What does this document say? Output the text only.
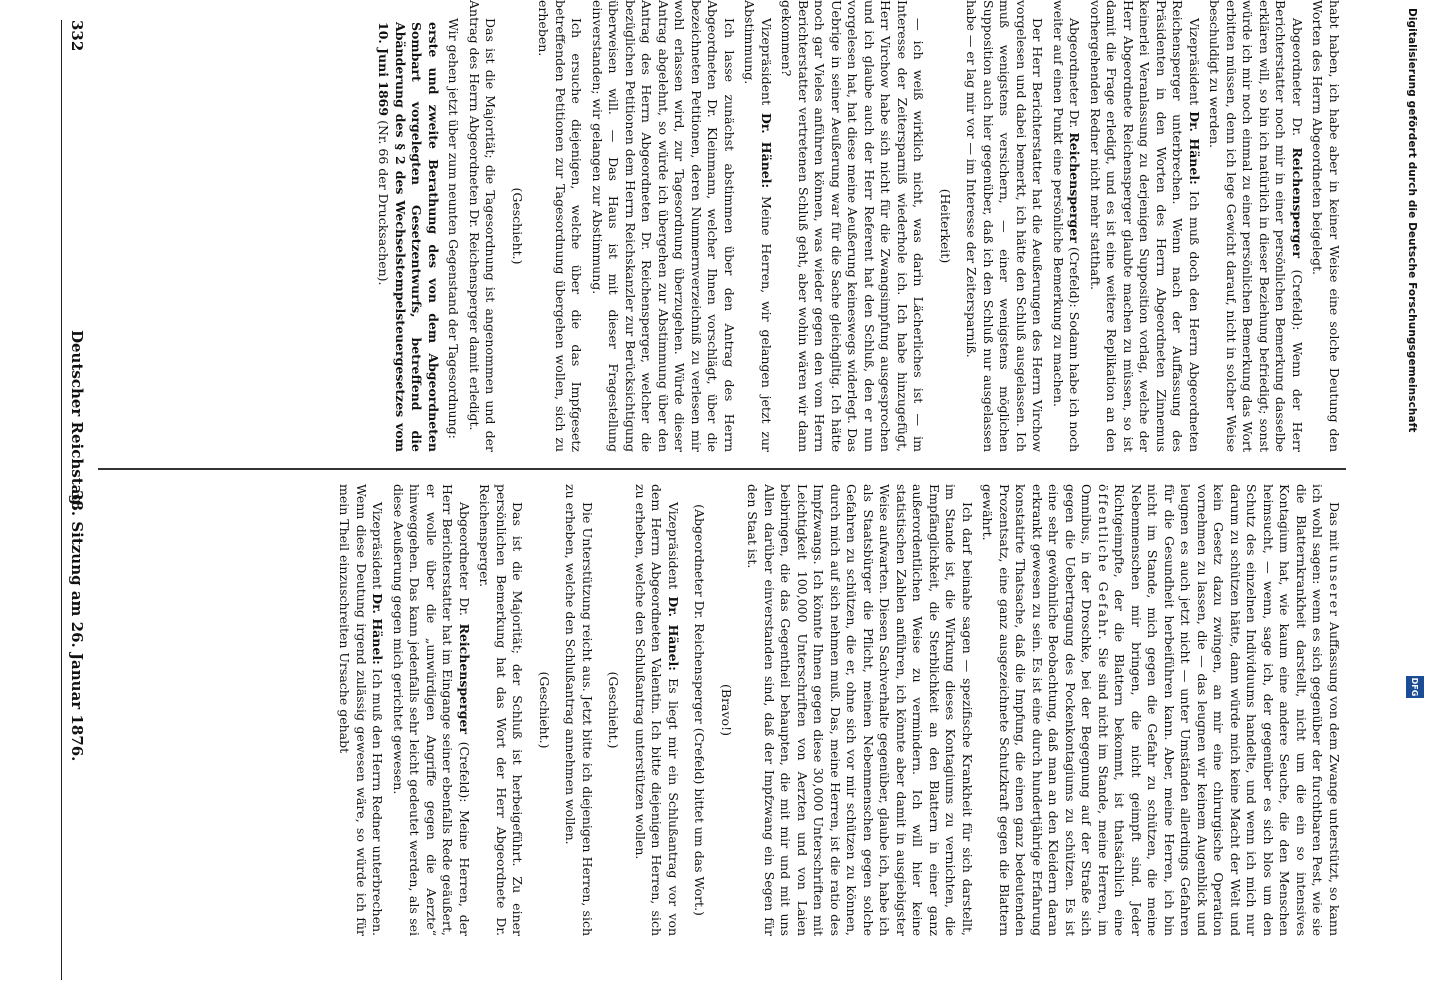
Digitalisierung gefördert durch die Deutsche Forschungsgemeinschaft
DFG

habt haben, ich habe aber in keiner Weise eine solche Deutung den Worten des Herrn Abgeordneten beigelegt.

Abgeordneter Dr. Reichensperger (Crefeld): Wenn der Herr Berichterstatter noch mir in einer persönlichen Bemerkung dasselbe erklären will, so bin ich natürlich in dieser Beziehung befriedigt; sonst würde ich mir noch einmal zu einer persönlichen Bemerkung das Wort erbitten müssen, denn ich lege Gewicht darauf, nicht in solcher Weise beschuldigt zu werden.

Vizepräsident Dr. Hänel: Ich muß doch den Herrn Abgeordneten Reichensperger unterbrechen. Wenn nach der Auffassung des Präsidenten in den Worten des Herrn Abgeordneten Zinnemus keinerlei Veranlassung zu derjenigen Supposition vorlag, welche der Herr Abgeordnete Reichensperger glaubte machen zu müssen, so ist damit die Frage erledigt, und es ist eine weitere Replikation an den vorhergehenden Redner nicht mehr statthaft.

Abgeordneter Dr. Reichensperger (Crefeld): Sodann habe ich noch weiter auf einen Punkt eine persönliche Bemerkung zu machen.

Der Herr Berichterstatter hat die Aeußerungen des Herrn Virchow vorgelesen und dabei bemerkt, ich hätte den Schluß ausgelassen. Ich muß wenigstens versichern, — einer wenigstens möglichen Supposition auch hier gegenüber, daß ich den Schluß nur ausgelassen habe — er lag mir vor — im Interesse der Zeitersparniß.

(Heiterkeit)

— ich weiß wirklich nicht, was darin Lächerliches ist — im Interesse der Zeitersparniß wiederhole ich. Ich habe hinzugefügt, Herr Virchow habe sich nicht für die Zwangsimpfung ausgesprochen und ich glaube auch der Herr Referent hat den Schluß, den er nun vorgelesen hat, hat diese meine Aeußerung keineswegs widerlegt. Das Uebrige in seiner Aeußerung war für die Sache gleichgiltig. Ich hätte noch gar Vieles anführen können, was wieder gegen den vom Herrn Berichterstatter vertretenen Schluß geht, aber wohin wären wir dann gekommen?

Vizepräsident Dr. Hänel: Meine Herren, wir gelangen jetzt zur Abstimmung.

Ich lasse zunächst abstimmen über den Antrag des Herrn Abgeordneten Dr. Kleinmann, welcher Ihnen vorschlägt, über die bezeichneten Petitionen, deren Nummernverzeichniß zu verlesen mir wohl erlassen wird, zur Tagesordnung überzugehen. Würde dieser Antrag abgelehnt, so würde ich übergehen zur Abstimmung über den Antrag des Herrn Abgeordneten Dr. Reichensperger, welcher die bezüglichen Petitionen dem Herrn Reichskanzler zur Berücksichtigung überweisen will. — Das Haus ist mit dieser Fragestellung einverstanden; wir gelangen zur Abstimmung.

Ich ersuche diejenigen, welche über die das Impfgesetz betreffenden Petitionen zur Tagesordnung übergehen wollen, sich zu erheben.

(Geschieht.)

Das ist die Majorität; die Tagesordnung ist angenommen und der Antrag des Herrn Abgeordneten Dr. Reichensperger damit erledigt.

Wir gehen jetzt über zum neunten Gegenstand der Tagesordnung:

erste und zweite Berathung des von dem Abgeordneten Sombart vorgelegten Gesetzentwurfs, betreffend die Abänderung des § 2 des Wechselstempelsteuergesetzes vom 10. Juni 1869 (Nr. 66 der Drucksachen).

Das mit unserer Auffassung von dem Zwange unterstützt, so kann ich wohl sagen: wenn es sich gegenüber der furchtbaren Pest, wie sie die Blatternkrankheit darstellt, nicht um die ein so intensives Kontagium hat, wie kaum eine andere Seuche, die den Menschen heimsucht, — wenn, sage ich, der gegenüber es sich blos um den Schutz des einzelnen Individuums handelte, und wenn ich mich nur darum zu schützen hätte, dann würde mich keine Macht der Welt und kein Gesetz dazu zwingen, an mir eine chirurgische Operation vornehmen zu lassen, die — das leugnen wir keinem Augenblick und leugnen es auch jetzt nicht — unter Umständen allerdings Gefahren für die Gesundheit herbeiführen kann. Aber, meine Herren, ich bin nicht im Stande, mich gegen die Gefahr zu schützen, die meine Nebenmenschen mir bringen, die nicht geimpft sind. Jeder Richtgeimpfte, der die Blattern bekommt, ist thatsächlich eine öffentliche Gefahr. Sie sind nicht im Stande, meine Herren, im Omnibus, in der Droschke, bei der Begegnung auf der Straße sich gegen die Uebertragung des Pockenkontagiums zu schützen. Es ist eine sehr gewöhnliche Beobachtung, daß man an den Kleidern daran erkrankt gewesen zu sein. Es ist eine durch hundertjährige Erfahrung konstatirte Thatsache, daß die Impfung, die einen ganz bedeutenden Prozentsatz, eine ganz ausgezeichnete Schutzkraft gegen die Blattern gewährt.

Ich darf beinahe sagen — spezifische Krankheit für sich darstellt, im Stande ist, die Wirkung dieses Kontagiums zu vernichten, die Empfänglichkeit, die Sterblichkeit an den Blattern in einer ganz außerordentlichen Weise zu vermindern. Ich will hier keine statistischen Zahlen anführen, ich könnte aber damit in ausgiebigster Weise aufwarten. Diesen Sachverhalte gegenüber, glaube ich, habe ich als Staatsbürger die Pflicht, meinen Nebenmenschen gegen solche Gefahren zu schützen, die er, ohne sich vor mir schützen zu können, durch mich auf sich nehmen muß. Das, meine Herren, ist die ratio des Impfzwangs. Ich könnte Ihnen gegen diese 30,000 Unterschriften mit Leichtigkeit 100,000 Unterschriften von Aerzten und von Laien beibringen, die das Gegentheil behaupten, die mit mir und mit uns Allen darüber einverstanden sind, daß der Impfzwang ein Segen für den Staat ist.

(Bravo!)

(Abgeordneter Dr. Reichensperger (Crefeld) bittet um das Wort.)

Vizepräsident Dr. Hänel: Es liegt mir ein Schlußantrag vor von dem Herrn Abgeordneten Valentin. Ich bitte diejenigen Herren, sich zu erheben, welche den Schlußantrag unterstützen wollen.

(Geschieht.)

Die Unterstützung reicht aus. Jetzt bitte ich diejenigen Herren, sich zu erheben, welche den Schlußantrag annehmen wollen.

(Geschieht.)

Das ist die Majorität; der Schluß ist herbeigeführt. Zu einer persönlichen Bemerkung hat das Wort der Herr Abgeordnete Dr. Reichensperger.

Abgeordneter Dr. Reichensperger (Crefeld): Meine Herren, der Herr Berichterstatter hat im Eingange seiner ebenfalls Rede geäußert, er wolle über die „unwürdigen Angriffe gegen die Aerzte“ hinweggehen. Das kann jedenfalls sehr leicht gedeutet werden, als sei diese Aeußerung gegen mich gerichtet gewesen.

Vizepräsident Dr. Hänel: Ich muß den Herrn Redner unterbrechen. Wenn diese Deutung irgend zulässig gewesen wäre, so würde ich für mein Theil einzuschreiten Ursache gehabt

332
Deutscher Reichstag.
38. Sitzung am 26. Januar 1876.
